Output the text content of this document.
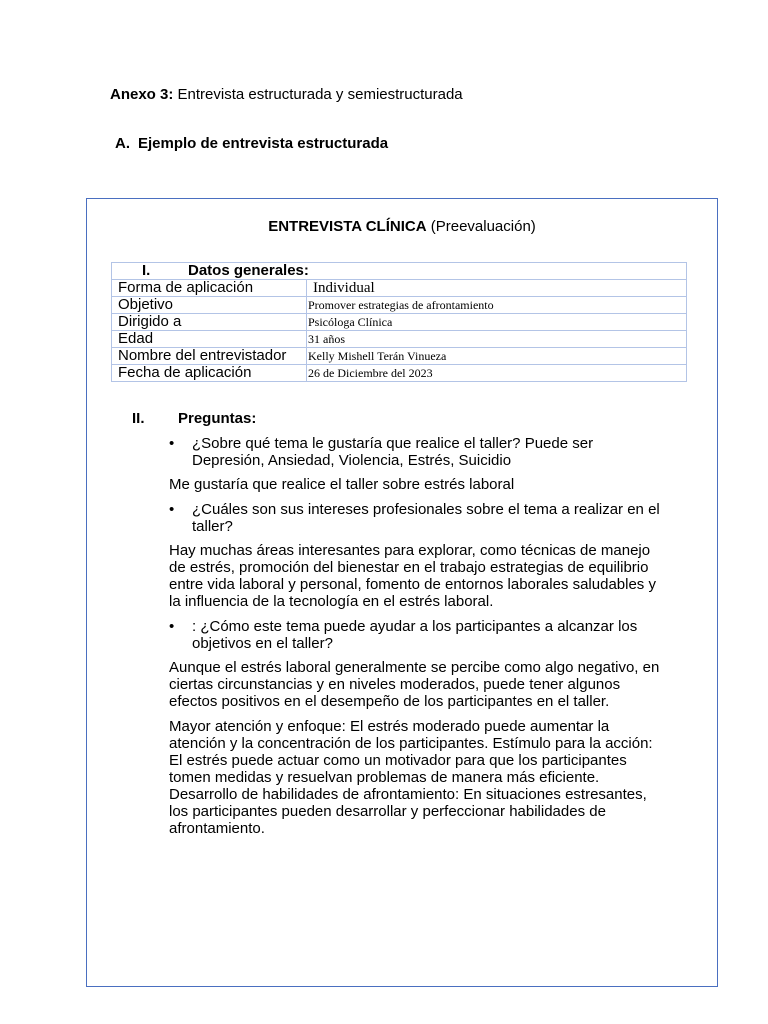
Anexo 3: Entrevista estructurada y semiestructurada
A. Ejemplo de entrevista estructurada
ENTREVISTA CLÍNICA (Preevaluación)
I. Datos generales:	
Forma de aplicación	Individual
Objetivo	Promover estrategias de afrontamiento
Dirigido a	Psicóloga Clínica
Edad	31 años
Nombre del entrevistador	Kelly Mishell Terán Vinueza
Fecha de aplicación	26 de Diciembre del 2023
II. Preguntas:
• ¿Sobre qué tema le gustaría que realice el taller? Puede ser Depresión, Ansiedad, Violencia, Estrés, Suicidio
Me gustaría que realice el taller sobre estrés laboral
• ¿Cuáles son sus intereses profesionales sobre el tema a realizar en el taller?
Hay muchas áreas interesantes para explorar, como técnicas de manejo de estrés, promoción del bienestar en el trabajo estrategias de equilibrio entre vida laboral y personal, fomento de entornos laborales saludables y la influencia de la tecnología en el estrés laboral.
• : ¿Cómo este tema puede ayudar a los participantes a alcanzar los objetivos en el taller?
Aunque el estrés laboral generalmente se percibe como algo negativo, en ciertas circunstancias y en niveles moderados, puede tener algunos efectos positivos en el desempeño de los participantes en el taller.
Mayor atención y enfoque: El estrés moderado puede aumentar la atención y la concentración de los participantes. Estímulo para la acción: El estrés puede actuar como un motivador para que los participantes tomen medidas y resuelvan problemas de manera más eficiente. Desarrollo de habilidades de afrontamiento: En situaciones estresantes, los participantes pueden desarrollar y perfeccionar habilidades de afrontamiento.
